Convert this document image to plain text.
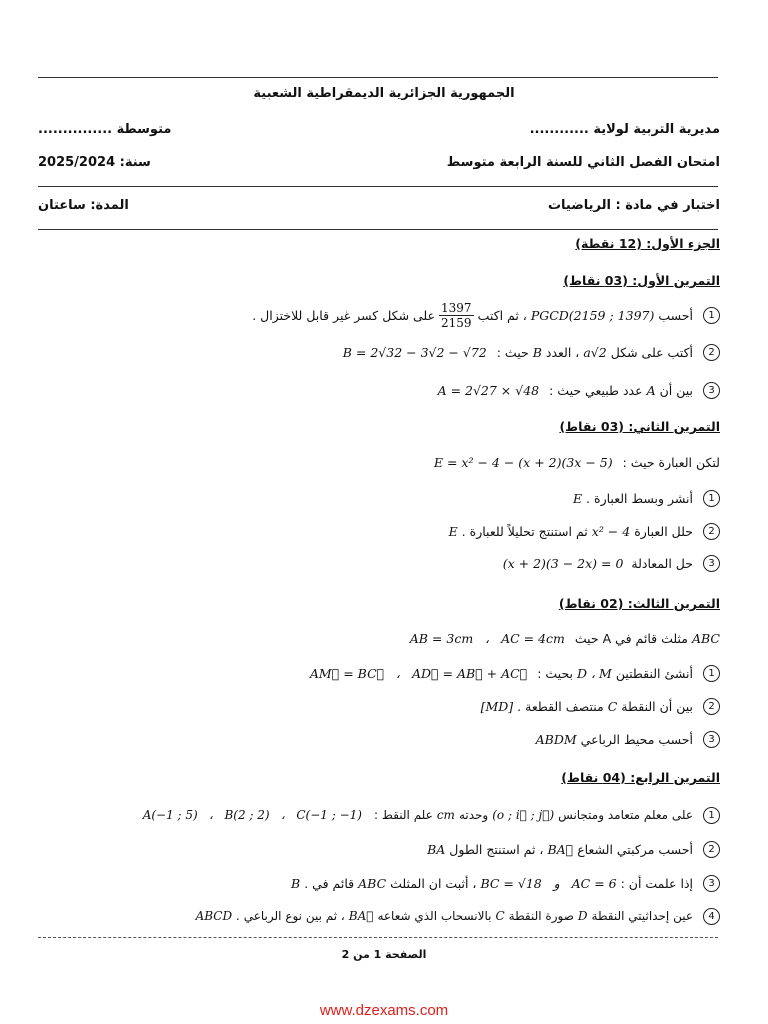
الجمهورية الجزائرية الديمقراطية الشعبية
مديرية التربية لولاية ............
متوسطة ...............
امتحان الفصل الثاني للسنة الرابعة متوسط
سنة: 2025/2024
اختبار في مادة : الرياضيات
المدة: ساعتان
الجزء الأول: (12 نقطة)
التمرين الأول: (03 نقاط)
1
أحسب
PGCD(2159 ; 1397)
، ثم اكتب
$\frac{1397}{2159}$
على شكل كسر غير قابل للاختزال .
2
أكتب على شكل
a√2
، العدد
B
حيث :
B = 2√32 − 3√2 − √72
3
بين أن
A
عدد طبيعي حيث :
A = 2√27 × √48
التمرين الثاني: (03 نقاط)
لتكن العبارة حيث :
E = x² − 4 − (x + 2)(3x − 5)
1
أنشر وبسط العبارة
E .
2
حلل العبارة
x² − 4
ثم استنتج تحليلاً للعبارة
E .
3
حل المعادلة
(x + 2)(3 − 2x) = 0
التمرين الثالث: (02 نقاط)
ABC
مثلث قائم في A حيث
AB = 3cm   ،   AC = 4cm
1
أنشئ النقطتين
D ، M
بحيث :
AM⃗ = BC⃗   ،   AD⃗ = AB⃗ + AC⃗
2
بين أن النقطة
C
منتصف القطعة
[MD] .
3
أحسب محيط الرباعي
ABDM
التمرين الرابع: (04 نقاط)
1
على معلم متعامد ومتجانس
(o ; i⃗ ; j⃗)
وحدته
cm
علم النقط :
A(−1 ; 5)   ،   B(2 ; 2)   ،   C(−1 ; −1)
2
أحسب مركبتي الشعاع
BA⃗
، ثم استنتج الطول
BA
3
إذا علمت أن :
BC = √18   و   AC = 6
، أثبت ان المثلث
ABC
قائم في
B .
4
عين إحداثيتي النقطة
D
صورة النقطة
C
بالانسحاب الذي شعاعه
BA⃗
، ثم بين نوع الرباعي
ABCD .
الصفحة 1 من 2
www.dzexams.com
